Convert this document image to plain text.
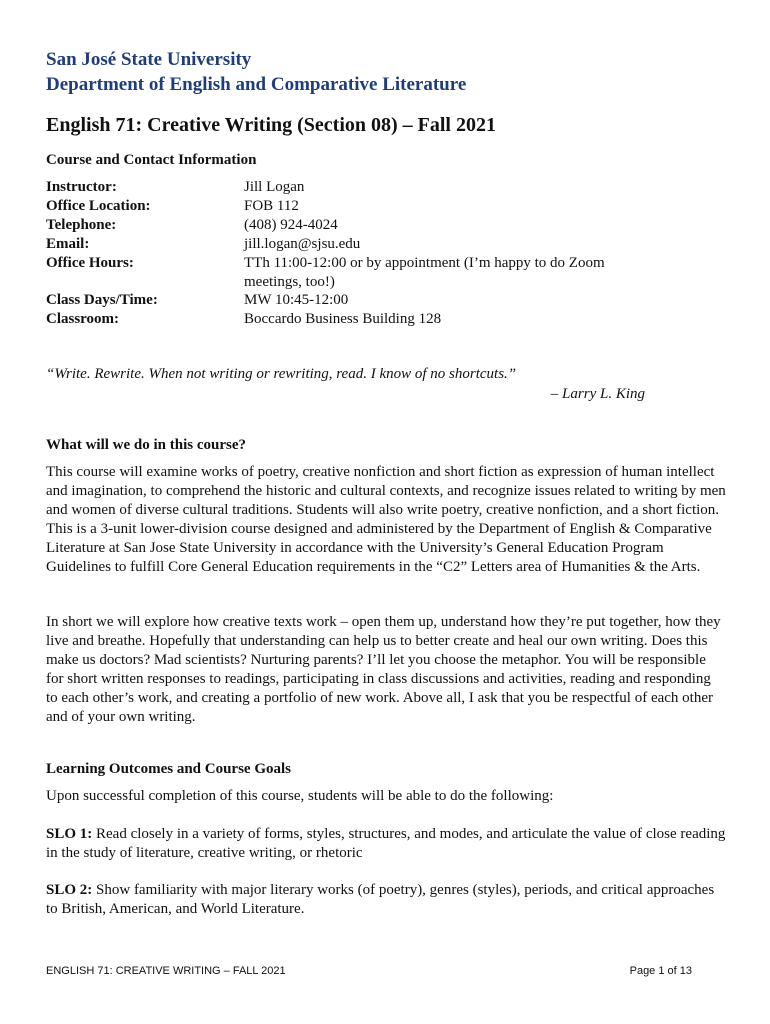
San José State University
Department of English and Comparative Literature
English 71: Creative Writing (Section 08) – Fall 2021
Course and Contact Information
Instructor:	Jill Logan
Office Location:	FOB 112
Telephone:	(408) 924-4024
Email:	jill.logan@sjsu.edu
Office Hours:	TTh 11:00-12:00 or by appointment (I’m happy to do Zoom meetings, too!)
Class Days/Time:	MW 10:45-12:00
Classroom:	Boccardo Business Building 128
“Write. Rewrite. When not writing or rewriting, read. I know of no shortcuts.”
– Larry L. King
What will we do in this course?

This course will examine works of poetry, creative nonfiction and short fiction as expression of human intellect and imagination, to comprehend the historic and cultural contexts, and recognize issues related to writing by men and women of diverse cultural traditions. Students will also write poetry, creative nonfiction, and a short fiction. This is a 3-unit lower-division course designed and administered by the Department of English & Comparative Literature at San Jose State University in accordance with the University’s General Education Program Guidelines to fulfill Core General Education requirements in the “C2” Letters area of Humanities & the Arts.

In short we will explore how creative texts work – open them up, understand how they’re put together, how they live and breathe. Hopefully that understanding can help us to better create and heal our own writing. Does this make us doctors? Mad scientists? Nurturing parents? I’ll let you choose the metaphor. You will be responsible for short written responses to readings, participating in class discussions and activities, reading and responding to each other’s work, and creating a portfolio of new work. Above all, I ask that you be respectful of each other and of your own writing.

Learning Outcomes and Course Goals

Upon successful completion of this course, students will be able to do the following:

SLO 1: Read closely in a variety of forms, styles, structures, and modes, and articulate the value of close reading in the study of literature, creative writing, or rhetoric

SLO 2: Show familiarity with major literary works (of poetry), genres (styles), periods, and critical approaches to British, American, and World Literature.

ENGLISH 71: CREATIVE WRITING – FALL 2021	Page 1 of 13
